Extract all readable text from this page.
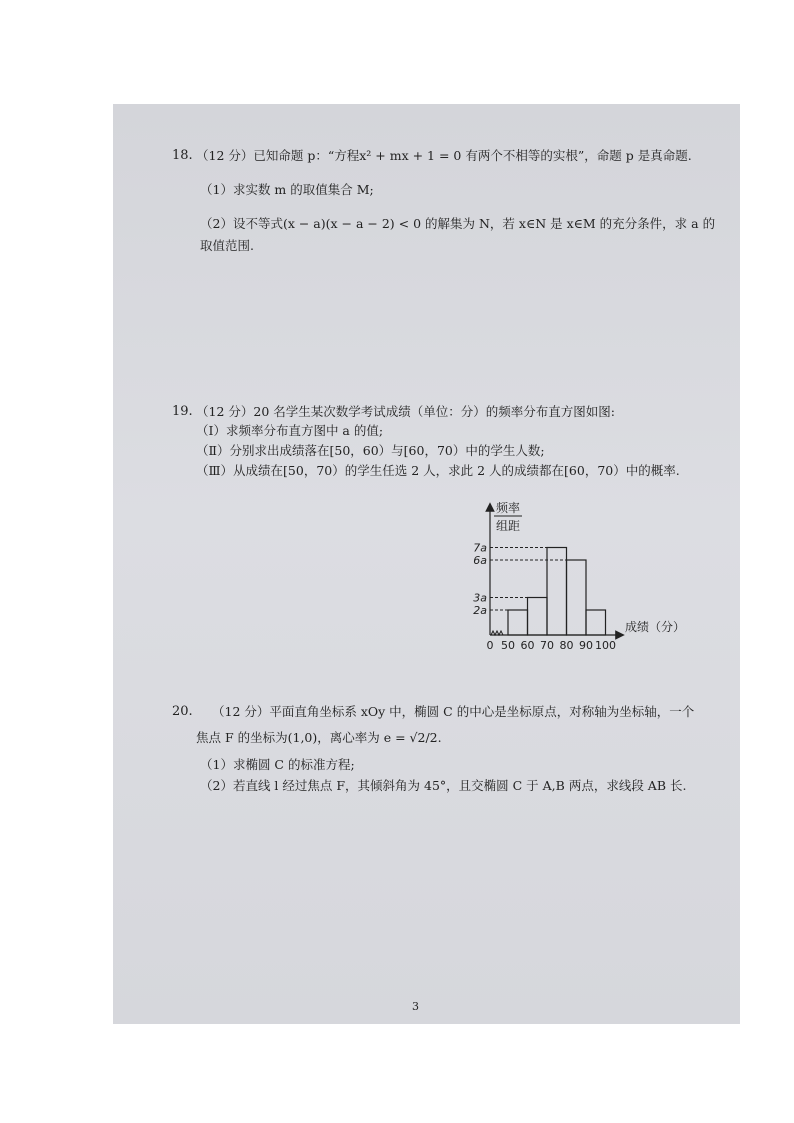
18. （12 分）已知命题 p：“方程x² + mx + 1 = 0 有两个不相等的实根”，命题 p 是真命题.
（1）求实数 m 的取值集合 M;
（2）设不等式(x − a)(x − a − 2) < 0 的解集为 N，若 x∈N 是 x∈M 的充分条件，求 a 的
取值范围.
19. （12 分）20 名学生某次数学考试成绩（单位：分）的频率分布直方图如图:
（Ⅰ）求频率分布直方图中 a 的值;
（Ⅱ）分别求出成绩落在[50，60）与[60，70）中的学生人数;
（Ⅲ）从成绩在[50，70）的学生任选 2 人，求此 2 人的成绩都在[60，70）中的概率.
频率
组距
2a
3a
6a
7a
0 50 60 70 80 90 100
成绩（分）
20. （12 分）平面直角坐标系 xOy 中，椭圆 C 的中心是坐标原点，对称轴为坐标轴，一个
焦点 F 的坐标为(1,0)，离心率为 e = √2/2.
（1）求椭圆 C 的标准方程;
（2）若直线 l 经过焦点 F，其倾斜角为 45°，且交椭圆 C 于 A,B 两点，求线段 AB 长.
3
